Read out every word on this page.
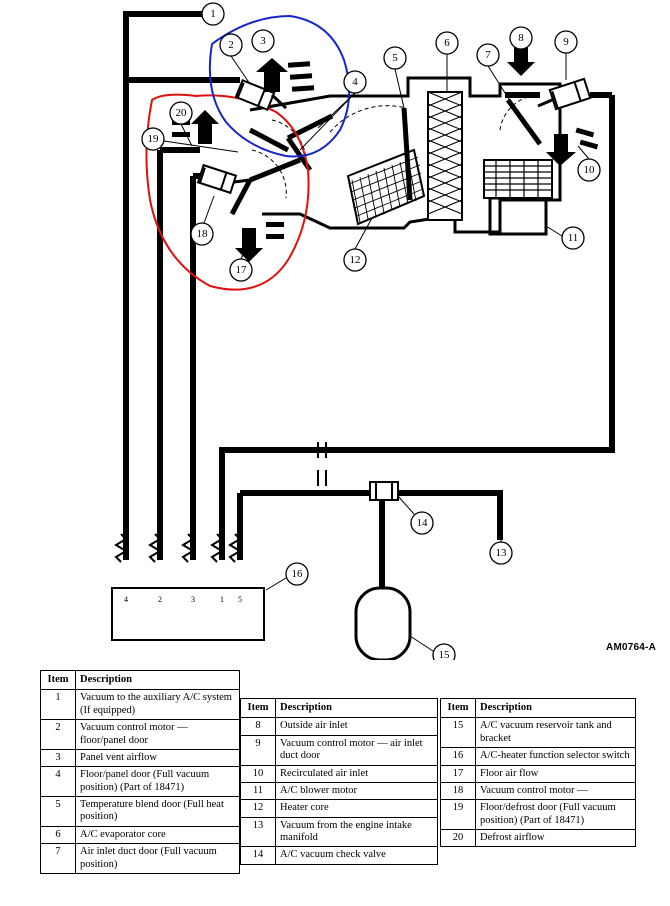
4	2	3	1 5
1
2 3
4
5
6
7
8	9
10
11
12
13
14
15
16
17
18
19
20
AM0764-A
Item	Description
1	Vacuum to the auxiliary A/C system (If equipped)
2	Vacuum control motor — floor/panel door
3	Panel vent airflow
4	Floor/panel door (Full vacuum position) (Part of 18471)
5	Temperature blend door (Full heat position)
6	A/C evaporator core
7	Air inlet duct door (Full vacuum position)
Item	Description
8	Outside air inlet
9	Vacuum control motor — air inlet duct door
10	Recirculated air inlet
11	A/C blower motor
12	Heater core
13	Vacuum from the engine intake manifold
14	A/C vacuum check valve
Item	Description
15	A/C vacuum reservoir tank and bracket
16	A/C-heater function selector switch
17	Floor air flow
18	Vacuum control motor —
19	Floor/defrost door (Full vacuum position) (Part of 18471)
20	Defrost airflow
